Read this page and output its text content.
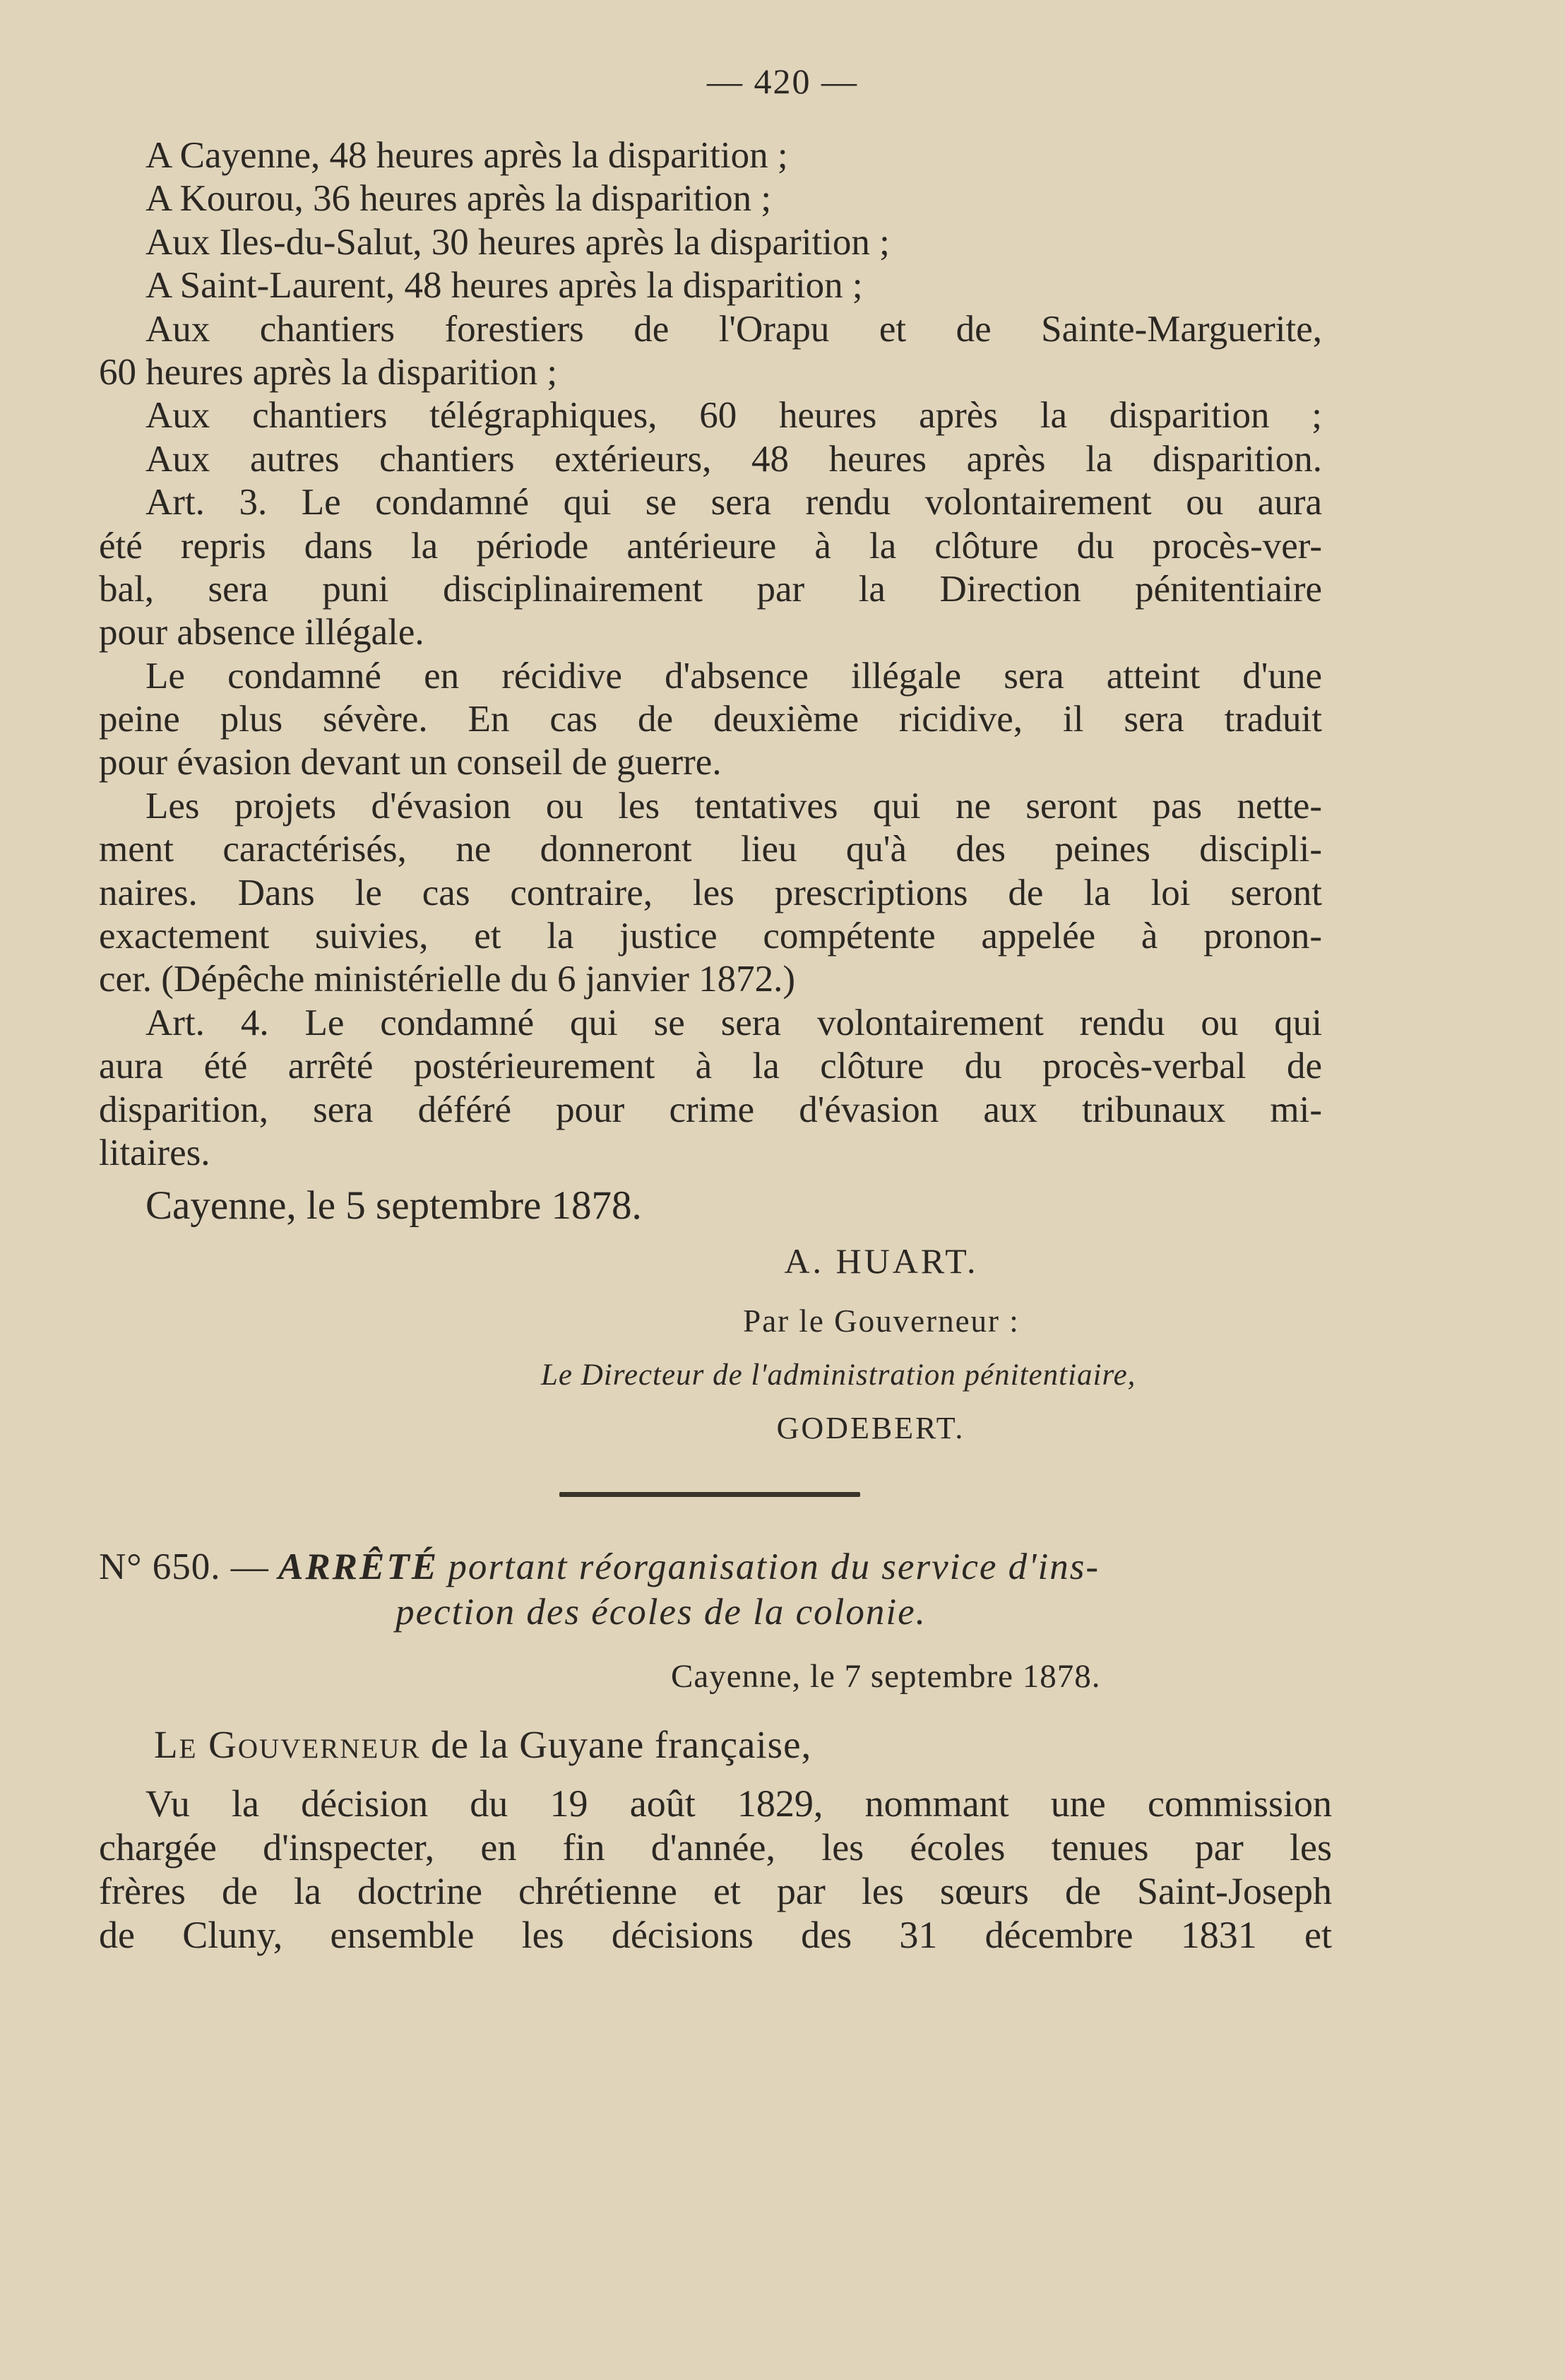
— 420 —
A Cayenne, 48 heures après la disparition ;
A Kourou, 36 heures après la disparition ;
Aux Iles-du-Salut, 30 heures après la disparition ;
A Saint-Laurent, 48 heures après la disparition ;
Aux chantiers forestiers de l'Orapu et de Sainte-Marguerite,
60 heures après la disparition ;
Aux chantiers télégraphiques, 60 heures après la disparition ;
Aux autres chantiers extérieurs, 48 heures après la disparition.
Art. 3. Le condamné qui se sera rendu volontairement ou aura
été repris dans la période antérieure à la clôture du procès-ver-
bal, sera puni disciplinairement par la Direction pénitentiaire
pour absence illégale.
Le condamné en récidive d'absence illégale sera atteint d'une
peine plus sévère. En cas de deuxième ricidive, il sera traduit
pour évasion devant un conseil de guerre.
Les projets d'évasion ou les tentatives qui ne seront pas nette-
ment caractérisés, ne donneront lieu qu'à des peines discipli-
naires. Dans le cas contraire, les prescriptions de la loi seront
exactement suivies, et la justice compétente appelée à pronon-
cer. (Dépêche ministérielle du 6 janvier 1872.)
Art. 4. Le condamné qui se sera volontairement rendu ou qui
aura été arrêté postérieurement à la clôture du procès-verbal de
disparition, sera déféré pour crime d'évasion aux tribunaux mi-
litaires.
Cayenne, le 5 septembre 1878.
A. HUART.
Par le Gouverneur :
Le Directeur de l'administration pénitentiaire,
GODEBERT.
N° 650. — ARRÊTÉ portant réorganisation du service d'ins-
pection des écoles de la colonie.
Cayenne, le 7 septembre 1878.
Le Gouverneur de la Guyane française,
Vu la décision du 19 août 1829, nommant une commission
chargée d'inspecter, en fin d'année, les écoles tenues par les
frères de la doctrine chrétienne et par les sœurs de Saint-Joseph
de Cluny, ensemble les décisions des 31 décembre 1831 et
